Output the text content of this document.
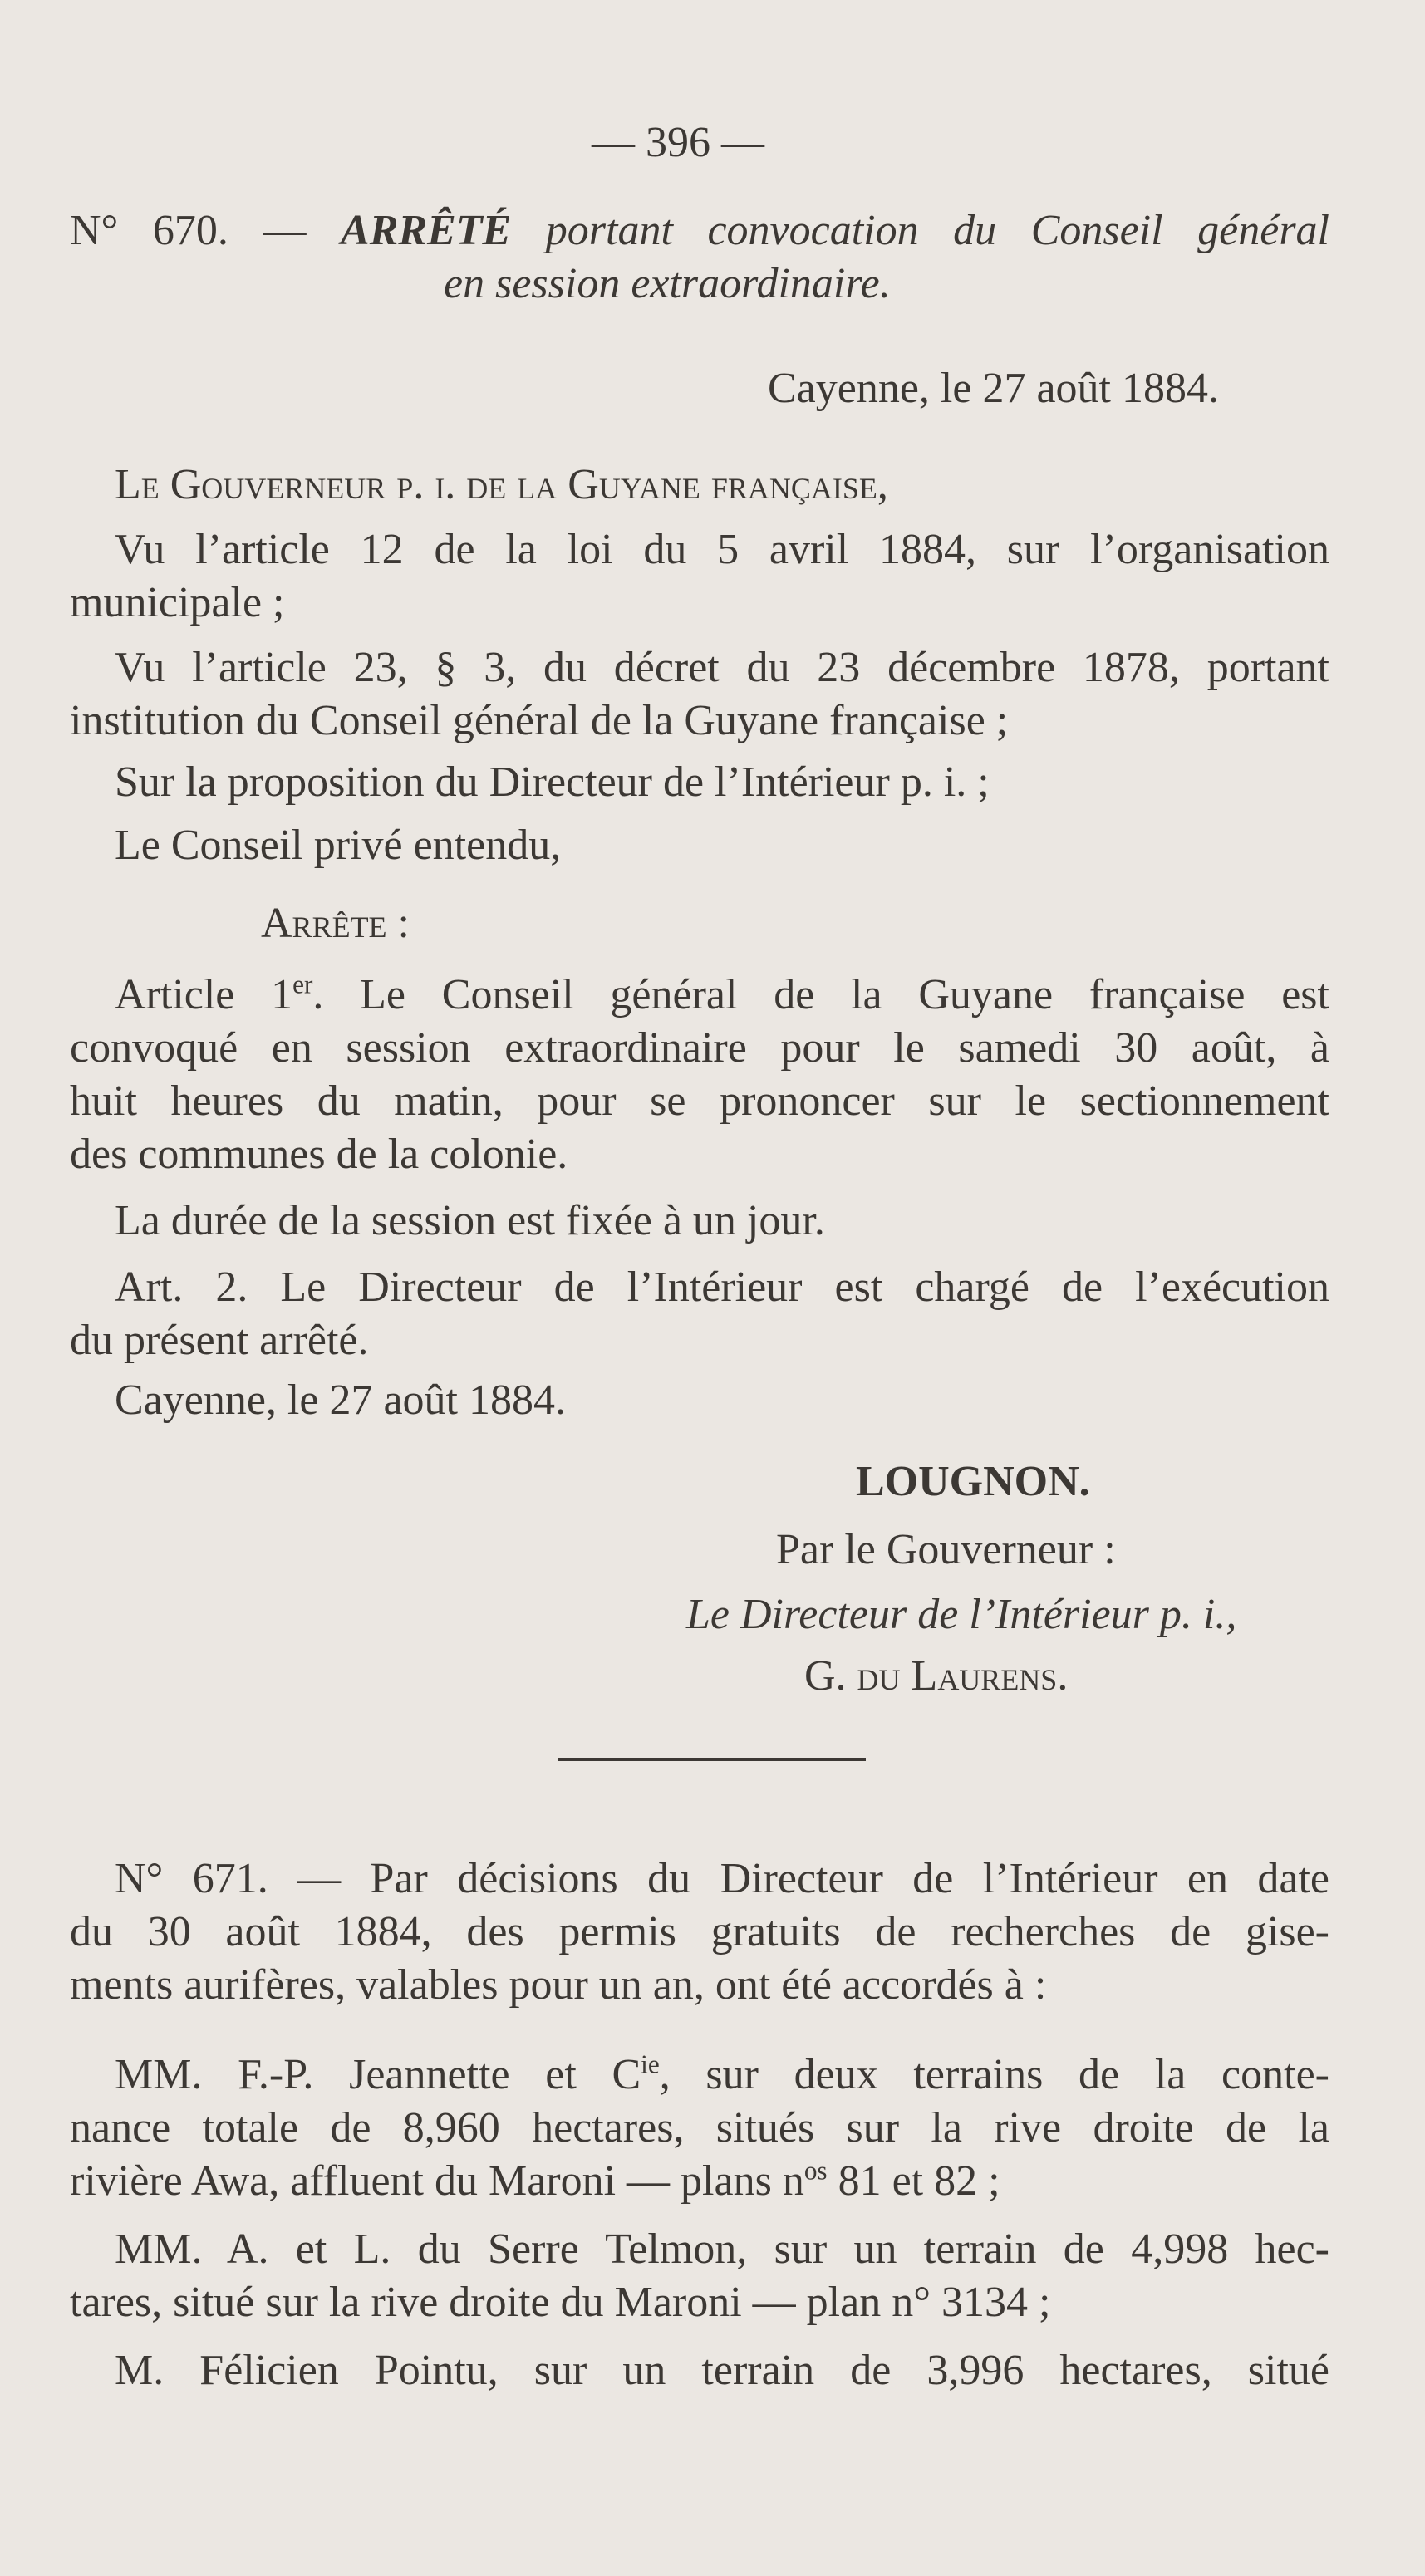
— 396 —
N° 670. — ARRÊTÉ portant convocation du Conseil général
en session extraordinaire.
Cayenne, le 27 août 1884.
Le Gouverneur p. i. de la Guyane française,
Vu l’article 12 de la loi du 5 avril 1884, sur l’organisation
municipale ;
Vu l’article 23, § 3, du décret du 23 décembre 1878, portant
institution du Conseil général de la Guyane française ;
Sur la proposition du Directeur de l’Intérieur p. i. ;
Le Conseil privé entendu,
Arrête :
Article 1er. Le Conseil général de la Guyane française est
convoqué en session extraordinaire pour le samedi 30 août, à
huit heures du matin, pour se prononcer sur le sectionnement
des communes de la colonie.
La durée de la session est fixée à un jour.
Art. 2. Le Directeur de l’Intérieur est chargé de l’exécution
du présent arrêté.
Cayenne, le 27 août 1884.
LOUGNON.
Par le Gouverneur :
Le Directeur de l’Intérieur p. i.,
G. du Laurens.
N° 671. — Par décisions du Directeur de l’Intérieur en date
du 30 août 1884, des permis gratuits de recherches de gise-
ments aurifères, valables pour un an, ont été accordés à :
MM. F.-P. Jeannette et $C^{ie}$, sur deux terrains de la conte-
nance totale de 8,960 hectares, situés sur la rive droite de la
rivière Awa, affluent du Maroni — plans $n^{os}$ 81 et 82 ;
MM. A. et L. du Serre Telmon, sur un terrain de 4,998 hec-
tares, situé sur la rive droite du Maroni — plan n° 3134 ;
M. Félicien Pointu, sur un terrain de 3,996 hectares, situé
